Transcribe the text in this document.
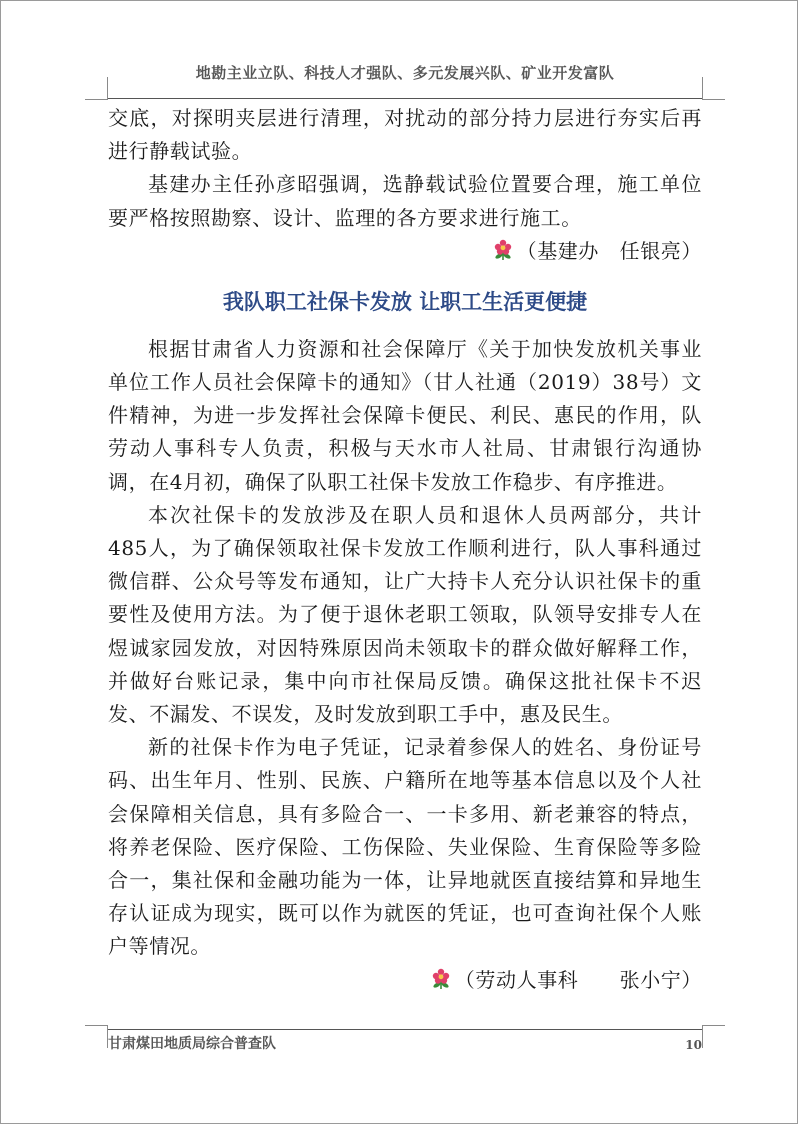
地勘主业立队、科技人才强队、多元发展兴队、矿业开发富队

交底，对探明夹层进行清理，对扰动的部分持力层进行夯实后再进行静载试验。

基建办主任孙彦昭强调，选静载试验位置要合理，施工单位要严格按照勘察、设计、监理的各方要求进行施工。

（基建办　任银亮）

我队职工社保卡发放 让职工生活更便捷

根据甘肃省人力资源和社会保障厅《关于加快发放机关事业单位工作人员社会保障卡的通知》（甘人社通（2019）38号）文件精神，为进一步发挥社会保障卡便民、利民、惠民的作用，队劳动人事科专人负责，积极与天水市人社局、甘肃银行沟通协调，在4月初，确保了队职工社保卡发放工作稳步、有序推进。

本次社保卡的发放涉及在职人员和退休人员两部分，共计485人，为了确保领取社保卡发放工作顺利进行，队人事科通过微信群、公众号等发布通知，让广大持卡人充分认识社保卡的重要性及使用方法。为了便于退休老职工领取，队领导安排专人在煜诚家园发放，对因特殊原因尚未领取卡的群众做好解释工作，并做好台账记录，集中向市社保局反馈。确保这批社保卡不迟发、不漏发、不误发，及时发放到职工手中，惠及民生。

新的社保卡作为电子凭证，记录着参保人的姓名、身份证号码、出生年月、性别、民族、户籍所在地等基本信息以及个人社会保障相关信息，具有多险合一、一卡多用、新老兼容的特点，将养老保险、医疗保险、工伤保险、失业保险、生育保险等多险合一，集社保和金融功能为一体，让异地就医直接结算和异地生存认证成为现实，既可以作为就医的凭证，也可查询社保个人账户等情况。

（劳动人事科　　张小宁）

甘肃煤田地质局综合普查队	10
